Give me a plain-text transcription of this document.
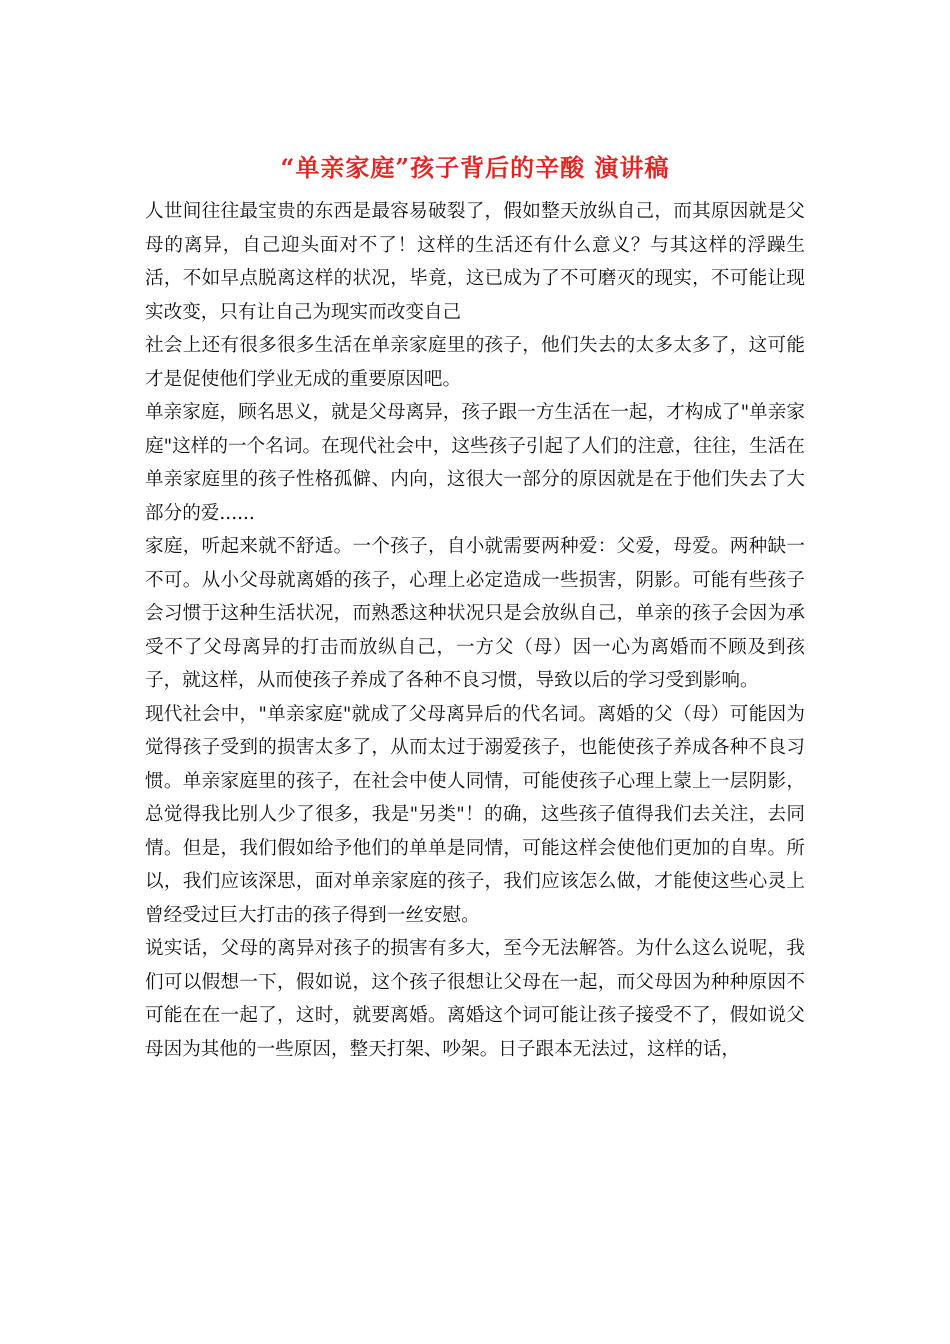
“单亲家庭”孩子背后的辛酸 演讲稿

人世间往往最宝贵的东西是最容易破裂了，假如整天放纵自己，而其原因就是父母的离异，自己迎头面对不了！这样的生活还有什么意义？与其这样的浮躁生活，不如早点脱离这样的状况，毕竟，这已成为了不可磨灭的现实，不可能让现实改变，只有让自己为现实而改变自己

社会上还有很多很多生活在单亲家庭里的孩子，他们失去的太多太多了，这可能才是促使他们学业无成的重要原因吧。

单亲家庭，顾名思义，就是父母离异，孩子跟一方生活在一起，才构成了"单亲家庭"这样的一个名词。在现代社会中，这些孩子引起了人们的注意，往往，生活在单亲家庭里的孩子性格孤僻、内向，这很大一部分的原因就是在于他们失去了大部分的爱......

家庭，听起来就不舒适。一个孩子，自小就需要两种爱：父爱，母爱。两种缺一不可。从小父母就离婚的孩子，心理上必定造成一些损害，阴影。可能有些孩子会习惯于这种生活状况，而熟悉这种状况只是会放纵自己，单亲的孩子会因为承受不了父母离异的打击而放纵自己，一方父（母）因一心为离婚而不顾及到孩子，就这样，从而使孩子养成了各种不良习惯，导致以后的学习受到影响。

现代社会中，"单亲家庭"就成了父母离异后的代名词。离婚的父（母）可能因为觉得孩子受到的损害太多了，从而太过于溺爱孩子，也能使孩子养成各种不良习惯。单亲家庭里的孩子，在社会中使人同情，可能使孩子心理上蒙上一层阴影，总觉得我比别人少了很多，我是"另类"！的确，这些孩子值得我们去关注，去同情。但是，我们假如给予他们的单单是同情，可能这样会使他们更加的自卑。所以，我们应该深思，面对单亲家庭的孩子，我们应该怎么做，才能使这些心灵上曾经受过巨大打击的孩子得到一丝安慰。

说实话，父母的离异对孩子的损害有多大，至今无法解答。为什么这么说呢，我们可以假想一下，假如说，这个孩子很想让父母在一起，而父母因为种种原因不可能在在一起了，这时，就要离婚。离婚这个词可能让孩子接受不了，假如说父母因为其他的一些原因，整天打架、吵架。日子跟本无法过，这样的话，
